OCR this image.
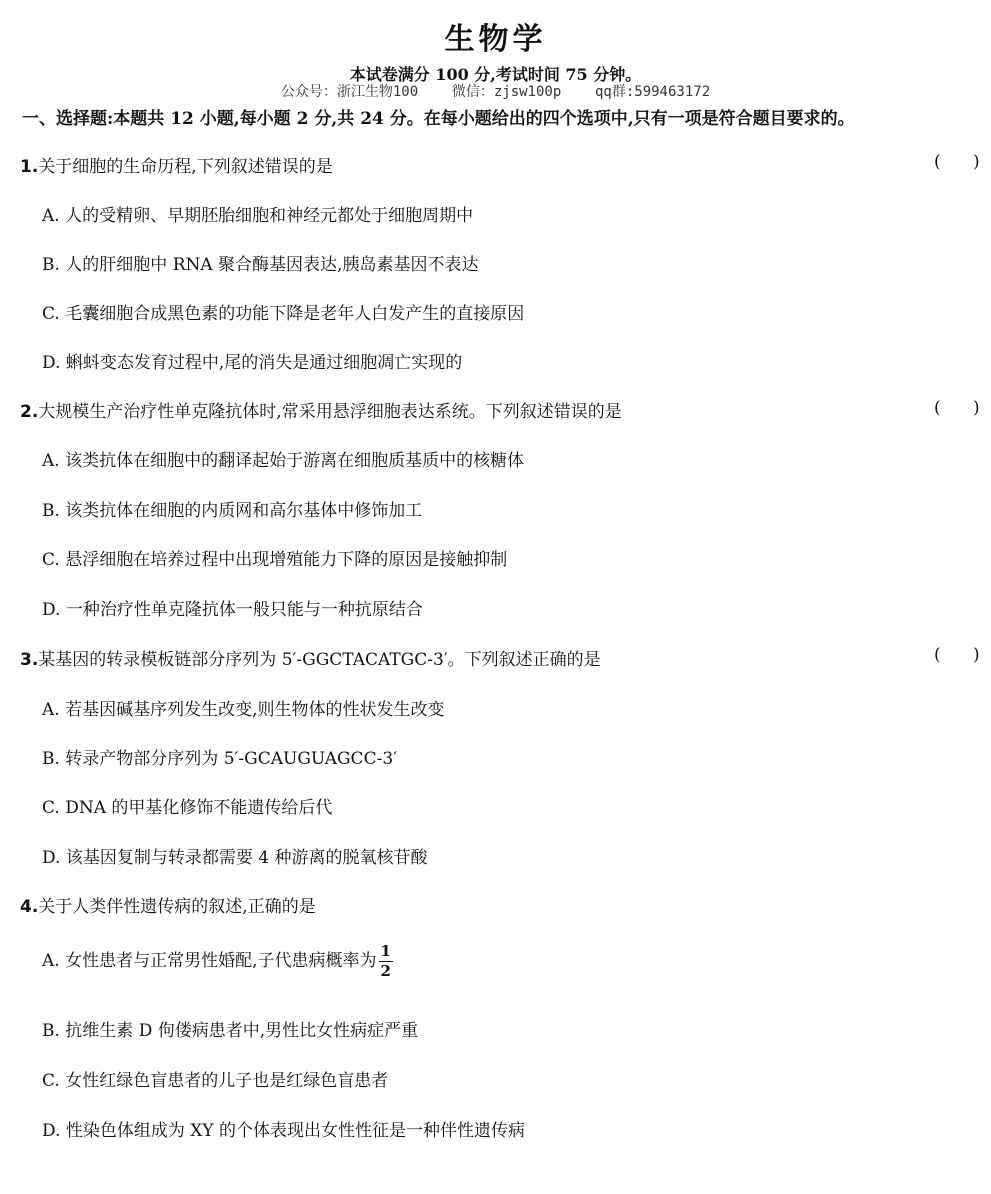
生物学
本试卷满分 100 分,考试时间 75 分钟。
公众号：浙江生物100    微信：zjsw100p    qq群:599463172
一、选择题:本题共 12 小题,每小题 2 分,共 24 分。在每小题给出的四个选项中,只有一项是符合题目要求的。
1.关于细胞的生命历程,下列叙述错误的是	(      )
A. 人的受精卵、早期胚胎细胞和神经元都处于细胞周期中
B. 人的肝细胞中 RNA 聚合酶基因表达,胰岛素基因不表达
C. 毛囊细胞合成黑色素的功能下降是老年人白发产生的直接原因
D. 蝌蚪变态发育过程中,尾的消失是通过细胞凋亡实现的
2.大规模生产治疗性单克隆抗体时,常采用悬浮细胞表达系统。下列叙述错误的是	(      )
A. 该类抗体在细胞中的翻译起始于游离在细胞质基质中的核糖体
B. 该类抗体在细胞的内质网和高尔基体中修饰加工
C. 悬浮细胞在培养过程中出现增殖能力下降的原因是接触抑制
D. 一种治疗性单克隆抗体一般只能与一种抗原结合
3.某基因的转录模板链部分序列为 5′-GGCTACATGC-3′。下列叙述正确的是	(      )
A. 若基因碱基序列发生改变,则生物体的性状发生改变
B. 转录产物部分序列为 5′-GCAUGUAGCC-3′
C. DNA 的甲基化修饰不能遗传给后代
D. 该基因复制与转录都需要 4 种游离的脱氧核苷酸
4.关于人类伴性遗传病的叙述,正确的是
A. 女性患者与正常男性婚配,子代患病概率为 $\frac{1}{2}$
B. 抗维生素 D 佝偻病患者中,男性比女性病症严重
C. 女性红绿色盲患者的儿子也是红绿色盲患者
D. 性染色体组成为 XY 的个体表现出女性性征是一种伴性遗传病
